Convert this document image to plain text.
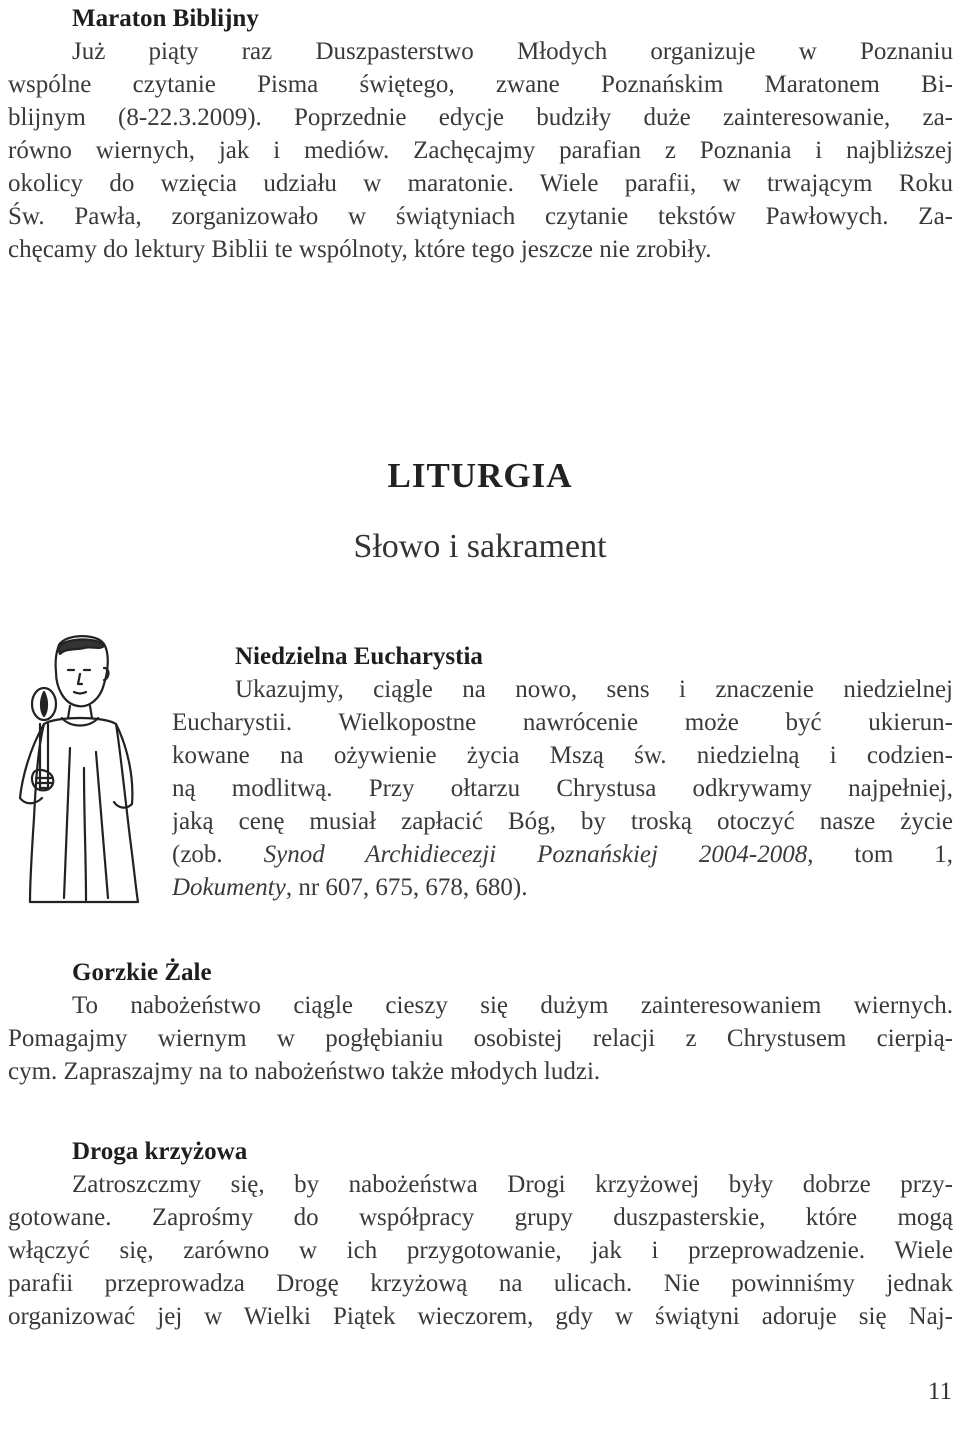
Maraton Biblijny
Już piąty raz Duszpasterstwo Młodych organizuje w Poznaniu
wspólne czytanie Pisma świętego, zwane Poznańskim Maratonem Bi-
blijnym (8-22.3.2009). Poprzednie edycje budziły duże zainteresowanie, za-
równo wiernych, jak i mediów. Zachęcajmy parafian z Poznania i najbliższej
okolicy do wzięcia udziału w maratonie. Wiele parafii, w trwającym Roku
Św. Pawła, zorganizowało w świątyniach czytanie tekstów Pawłowych. Za-
chęcamy do lektury Biblii te wspólnoty, które tego jeszcze nie zrobiły.
LITURGIA
Słowo i sakrament
Niedzielna Eucharystia
Ukazujmy, ciągle na nowo, sens i znaczenie niedzielnej
Eucharystii. Wielkopostne nawrócenie może być ukierun-
kowane na ożywienie życia Mszą św. niedzielną i codzien-
ną modlitwą. Przy ołtarzu Chrystusa odkrywamy najpełniej,
jaką cenę musiał zapłacić Bóg, by troską otoczyć nasze życie
(zob. Synod Archidiecezji Poznańskiej 2004-2008, tom 1,
Dokumenty, nr 607, 675, 678, 680).
Gorzkie Żale
To nabożeństwo ciągle cieszy się dużym zainteresowaniem wiernych.
Pomagajmy wiernym w pogłębianiu osobistej relacji z Chrystusem cierpią-
cym. Zapraszajmy na to nabożeństwo także młodych ludzi.
Droga krzyżowa
Zatroszczmy się, by nabożeństwa Drogi krzyżowej były dobrze przy-
gotowane. Zaprośmy do współpracy grupy duszpasterskie, które mogą
włączyć się, zarówno w ich przygotowanie, jak i przeprowadzenie. Wiele
parafii przeprowadza Drogę krzyżową na ulicach. Nie powinniśmy jednak
organizować jej w Wielki Piątek wieczorem, gdy w świątyni adoruje się Naj-
11
